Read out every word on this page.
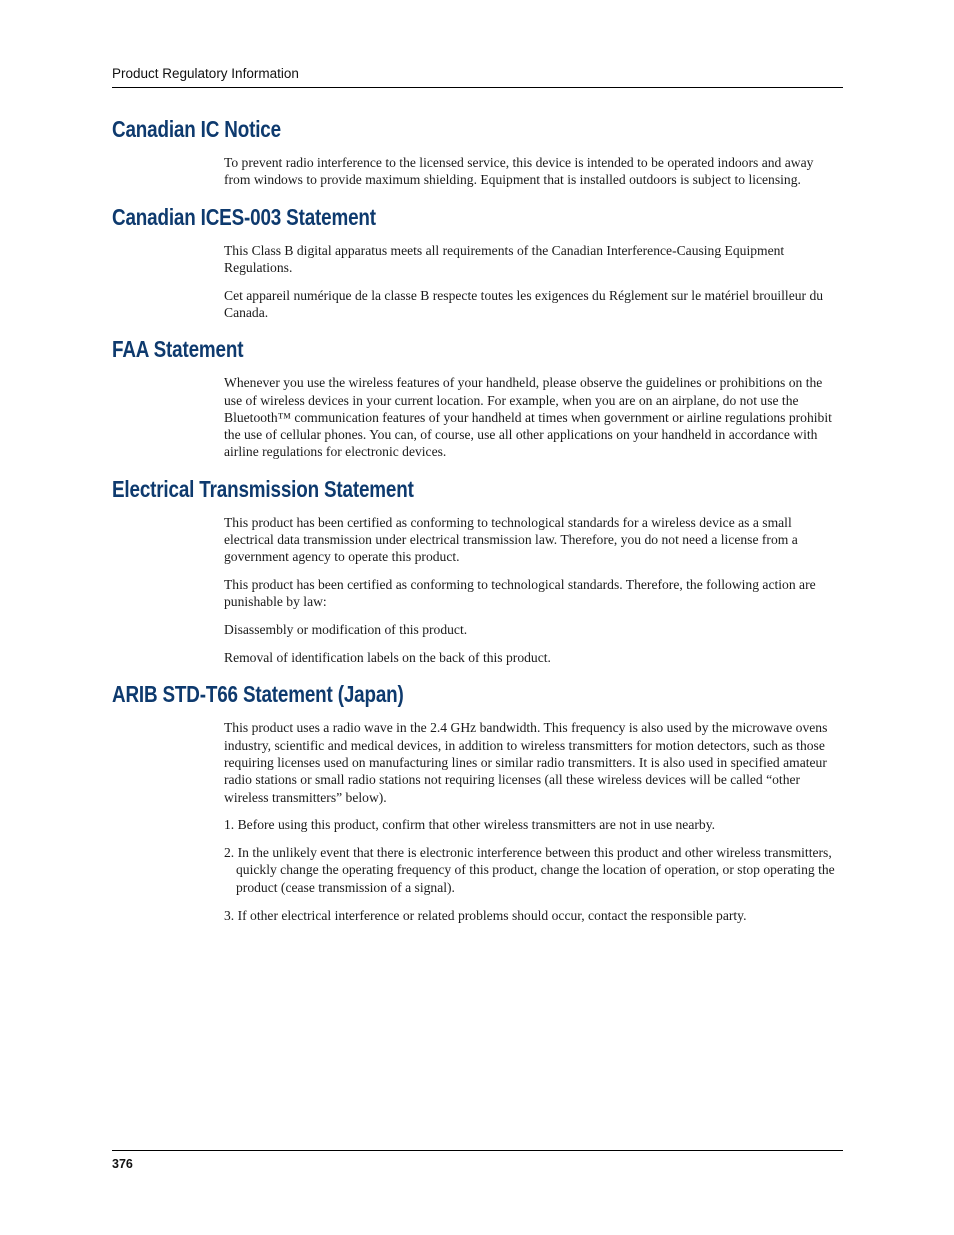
Product Regulatory Information
Canadian IC Notice

To prevent radio interference to the licensed service, this device is intended to be operated indoors and away from windows to provide maximum shielding. Equipment that is installed outdoors is subject to licensing.

Canadian ICES-003 Statement

This Class B digital apparatus meets all requirements of the Canadian Interference-Causing Equipment Regulations.

Cet appareil numérique de la classe B respecte toutes les exigences du Réglement sur le matériel brouilleur du Canada.

FAA Statement

Whenever you use the wireless features of your handheld, please observe the guidelines or prohibitions on the use of wireless devices in your current location. For example, when you are on an airplane, do not use the Bluetooth™ communication features of your handheld at times when government or airline regulations prohibit the use of cellular phones. You can, of course, use all other applications on your handheld in accordance with airline regulations for electronic devices.

Electrical Transmission Statement

This product has been certified as conforming to technological standards for a wireless device as a small electrical data transmission under electrical transmission law. Therefore, you do not need a license from a government agency to operate this product.

This product has been certified as conforming to technological standards. Therefore, the following action are punishable by law:

Disassembly or modification of this product.

Removal of identification labels on the back of this product.

ARIB STD-T66 Statement (Japan)

This product uses a radio wave in the 2.4 GHz bandwidth. This frequency is also used by the microwave ovens industry, scientific and medical devices, in addition to wireless transmitters for motion detectors, such as those requiring licenses used on manufacturing lines or similar radio transmitters. It is also used in specified amateur radio stations or small radio stations not requiring licenses (all these wireless devices will be called “other wireless transmitters” below).

1. Before using this product, confirm that other wireless transmitters are not in use nearby.

2. In the unlikely event that there is electronic interference between this product and other wireless transmitters, quickly change the operating frequency of this product, change the location of operation, or stop operating the product (cease transmission of a signal).

3. If other electrical interference or related problems should occur, contact the responsible party.

376
